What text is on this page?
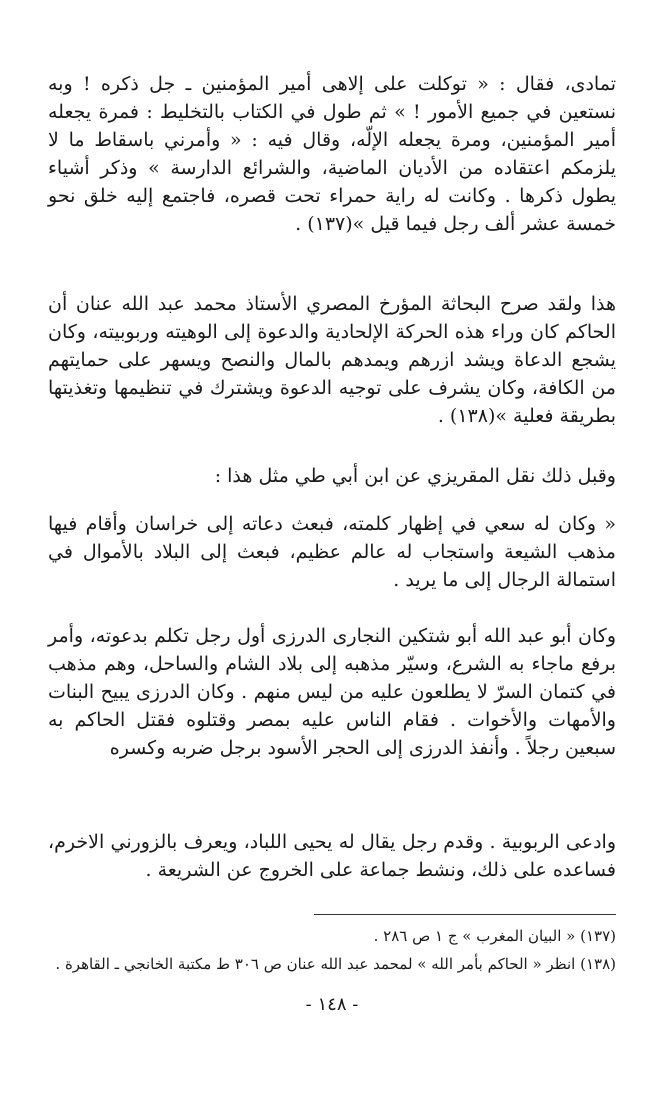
تمادى، فقال : « توكلت على إلاهى أمير المؤمنين ـ جل ذكره ! وبه نستعين في جميع الأمور ! » ثم طول في الكتاب بالتخليط : فمرة يجعله أمير المؤمنين، ومرة يجعله الإلّه، وقال فيه : « وأمرني باسقاط ما لا يلزمكم اعتقاده من الأديان الماضية، والشرائع الدارسة » وذكر أشياء يطول ذكرها . وكانت له راية حمراء تحت قصره، فاجتمع إليه خلق نحو خمسة عشر ألف رجل فيما قيل »(١٣٧) .

هذا ولقد صرح البحاثة المؤرخ المصري الأستاذ محمد عبد الله عنان أن الحاكم كان وراء هذه الحركة الإلحادية والدعوة إلى الوهيته وربوبيته، وكان يشجع الدعاة ويشد ازرهم ويمدهم بالمال والنصح ويسهر على حمايتهم من الكافة، وكان يشرف على توجيه الدعوة ويشترك في تنظيمها وتغذيتها بطريقة فعلية »(١٣٨) .

وقبل ذلك نقل المقريزي عن ابن أبي طي مثل هذا :

« وكان له سعي في إظهار كلمته، فبعث دعاته إلى خراسان وأقام فيها مذهب الشيعة واستجاب له عالم عظيم، فبعث إلى البلاد بالأموال في استمالة الرجال إلى ما يريد .

وكان أبو عبد الله أبو شتكين النجارى الدرزى أول رجل تكلم بدعوته، وأمر برفع ماجاء به الشرع، وسيّر مذهبه إلى بلاد الشام والساحل، وهم مذهب في كتمان السرّ لا يطلعون عليه من ليس منهم . وكان الدرزى يبيح البنات والأمهات والأخوات . فقام الناس عليه بمصر وقتلوه فقتل الحاكم به سبعين رجلاً . وأنفذ الدرزى إلى الحجر الأسود برجل ضربه وكسره

وادعى الربوبية . وقدم رجل يقال له يحيى اللباد، ويعرف بالزورني الاخرم، فساعده على ذلك، ونشط جماعة على الخروج عن الشريعة .

(١٣٧) « البيان المغرب » ج ١ ص ٢٨٦ .

(١٣٨) انظر « الحاكم بأمر الله » لمحمد عبد الله عنان ص ٣٠٦ ط مكتبة الخانجي ـ القاهرة .

- ١٤٨ -
